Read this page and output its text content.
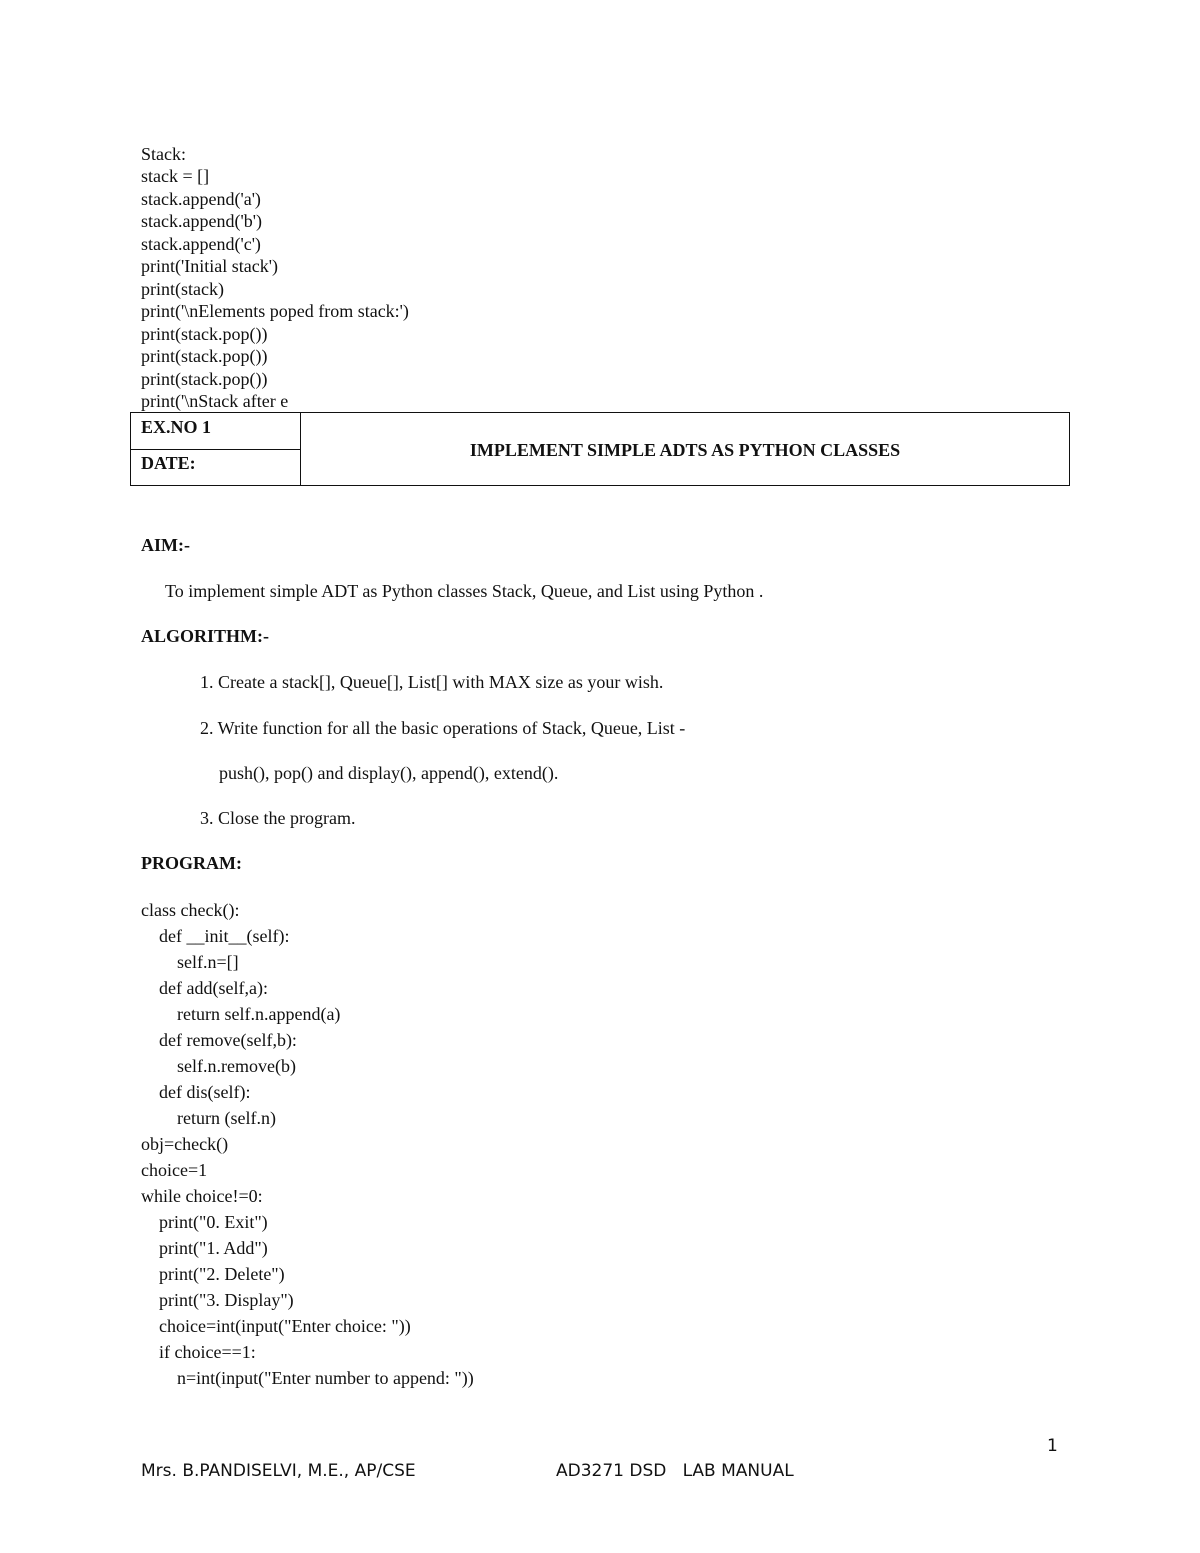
Stack:
stack = []
stack.append('a')
stack.append('b')
stack.append('c')
print('Initial stack')
print(stack)
print('\nElements poped from stack:')
print(stack.pop())
print(stack.pop())
print(stack.pop())
print('\nStack after e
EX.NO 1
DATE:
IMPLEMENT SIMPLE ADTS AS PYTHON CLASSES
AIM:-
To implement simple ADT as Python classes Stack, Queue, and List using Python .
ALGORITHM:-
1. Create a stack[], Queue[], List[] with MAX size as your wish.
2. Write function for all the basic operations of Stack, Queue, List -
push(), pop() and display(), append(), extend().
3. Close the program.
PROGRAM:
class check():
def __init__(self):
self.n=[]
def add(self,a):
return self.n.append(a)
def remove(self,b):
self.n.remove(b)
def dis(self):
return (self.n)
obj=check()
choice=1
while choice!=0:
print("0. Exit")
print("1. Add")
print("2. Delete")
print("3. Display")
choice=int(input("Enter choice: "))
if choice==1:
n=int(input("Enter number to append: "))
1
Mrs. B.PANDISELVI, M.E., AP/CSE	AD3271 DSD   LAB MANUAL
